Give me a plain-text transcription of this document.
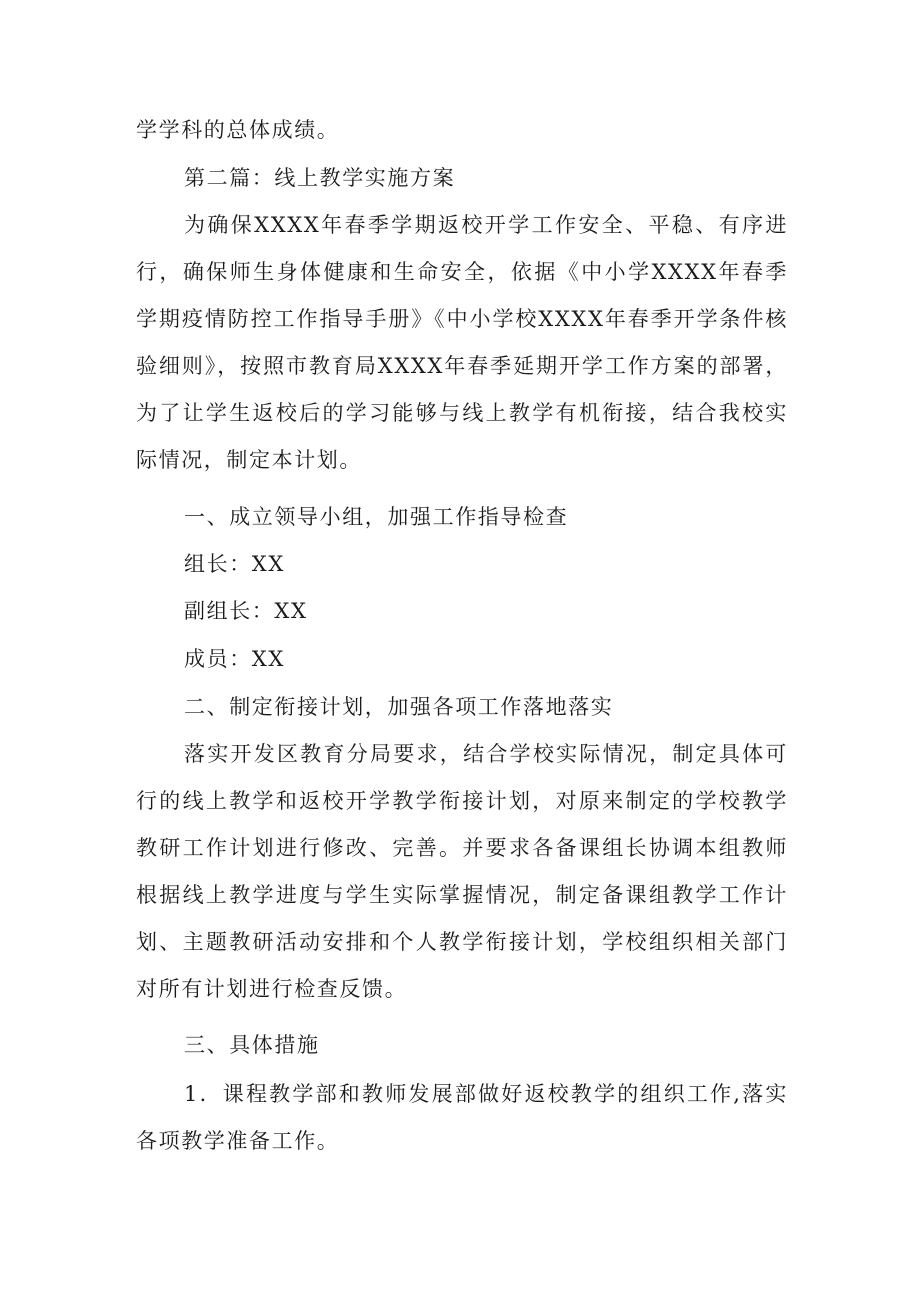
学学科的总体成绩。

第二篇：线上教学实施方案

为确保XXXX年春季学期返校开学工作安全、平稳、有序进行，确保师生身体健康和生命安全，依据《中小学XXXX年春季学期疫情防控工作指导手册》《中小学校XXXX年春季开学条件核验细则》，按照市教育局XXXX年春季延期开学工作方案的部署，为了让学生返校后的学习能够与线上教学有机衔接，结合我校实际情况，制定本计划。

一、成立领导小组，加强工作指导检查

组长：XX

副组长：XX

成员：XX

二、制定衔接计划，加强各项工作落地落实

落实开发区教育分局要求，结合学校实际情况，制定具体可行的线上教学和返校开学教学衔接计划，对原来制定的学校教学教研工作计划进行修改、完善。并要求各备课组长协调本组教师根据线上教学进度与学生实际掌握情况，制定备课组教学工作计划、主题教研活动安排和个人教学衔接计划，学校组织相关部门对所有计划进行检查反馈。

三、具体措施

1．课程教学部和教师发展部做好返校教学的组织工作,落实各项教学准备工作。
